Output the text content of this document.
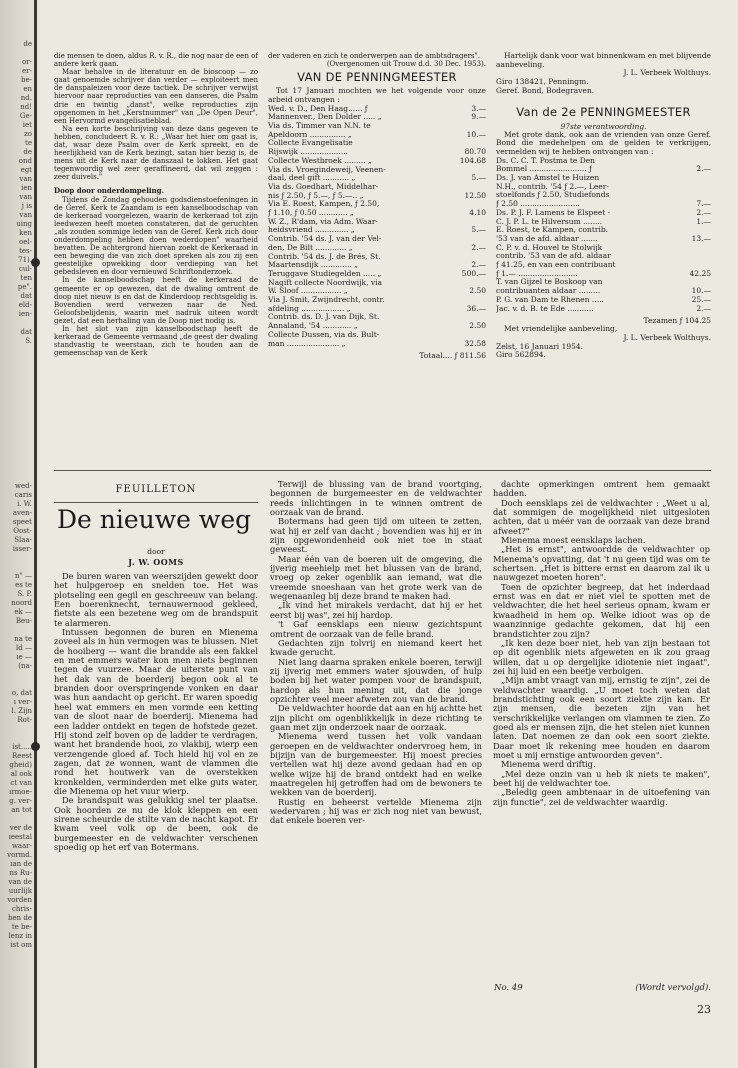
de

or-
er-
be-
en
nd.
nd!
Ge-
iet
zo
te
de
ond
egt
van
ien
van
j is
van
uing
ken
oel-
tes-
71).
cul-
ten
pe".
dat
eld-
ien-

dat
S.
wed-
caris
i. W.
aven-
speet
Oost-
Slaa-
isser-

n" —
es te
S. P.
noord
ek —
Beu-

na te
ld —
ıe —
(na-

o, dat
ı ver-
l. Zijn
Rot-

ist.....
Reest
gheid)
al ook
ct van
ırmoe-
g. ver-
an tot

ver de
ıeestal
waar-
vormd.
ıan de
ns Ru-
van de
uurlijk
vorden
chris-
ben de
te be-
lenz in
ist om

die mensen te doen, aldus R. v. R., die nog naar de een of andere kerk gaan.

Maar behalve in de literatuur en de bioscoop — zo gaat genoemde schrijver dan verder — exploiteert men de danspaleizen voor deze tactiek. De schrijver verwijst hiervoor naar reproducties van een danseres, die Psalm drie en twintig „danst", welke reproducties zijn opgenomen in het „Kerstnummer" van „De Open Deur", een Hervormd evangelisatieblad.

Na een korte beschrijving van deze dans gegeven te hebben, concludeert R. v. R.: „Waar het hier om gaat is, dat, waar deze Psalm over de Kerk spreekt, en de heerlijkheid van de Kerk bezingt, satan hier bezig is, de mens uit de Kerk naar de danszaal te lokken. Het gaat tegenwoordig wel zeer geraffineerd, dat wil zeggen : zeer duivels."

Doop door onderdompeling.

Tijdens de Zondag gehouden godsdienstoefeningen in de Geref. Kerk te Zaandam is een kanselboodschap van de kerkeraad voorgelezen, waarin de kerkeraad tot zijn leedwezen heeft moeten constateren, dat de geruchten „als zouden sommige leden van de Geref. Kerk zich door onderdompeling hebben doen wederdopen" waarheid bevatten. De achtergrond hiervan zoekt de Kerkeraad in een beweging die van zich doet spreken als zou zij een geestelijke opwekking door verdieping van het gebedsleven en door vernieuwd Schriftonderzoek.

In de kanselboodschap heeft de kerkeraad de gemeente er op gewezen, dat de dwaling omtrent de doop niet nieuw is en dat de Kinderdoop rechtsgeldig is. Bovendien werd verwezen naar de Ned. Geloofsbelijdenis, waarin met nadruk uiteen wordt gezet, dat een herhaling van de Doop niet nodig is.

In het slot van zijn kanselboodschap heeft de kerkeraad de Gemeente vermaand „de geest der dwaling standvastig te weerstaan, zich te houden aan de gemeenschap van de Kerk

der vaderen en zich te onderwerpen aan de ambtsdragers".

(Overgenomen uit Trouw d.d. 30 Dec. 1953).

VAN DE PENNINGMEESTER

Tot 17 Januari mochten we het volgende voor onze arbeid ontvangen :

Wed. v. D., Den Haag...... ƒ	3.—
Mannenver., Den Dolder ..... „	9.—
Via ds. Timmer van N.N. te
Apeldoorn ............... „	10.—
Collecte Evangelisatie
Rijswijk ....................	80.70
Collecte Westbroek ......... „	104.68
Via ds. Vroegindeweij, Veenen-
daal, deel gift ........... „	5.—
Via ds. Goedhart, Middelhar-
nis ƒ 2.50, ƒ 5.—, ƒ 5.—.. „	12.50
Via E. Roest, Kampen, ƒ 2.50,
ƒ 1.10, ƒ 0.50 ............ „	4.10
W. Z., R'dam, via Adm. Waar-
heidsvriend .............. „	5.—
Contrib. '54 ds. J. van der Vel-
den, De Bilt ............. „	2.—
Contrib. '54 ds. J. de Brés, St.
Maartensdijk ............. „	2.—
Teruggave Studiegelden ..... „	500.—
Nagift collecte Noordwijk, via
W. Sloof ................. „	2.50
Via J. Smit, Zwijndrecht, contr.
afdeling .................. „	36.—
Contrib. ds. D. J. van Dijk, St.
Annaland, '54 ............ „	2.50
Collecte Dussen, via ds. Bult-
man ...................... „	32.58

Totaal.... ƒ 811.56

Hartelijk dank voor wat binnenkwam en met blijvende aanbeveling.

J. L. Verbeek Wolthuys.

Giro 138421, Penningm.

Geref. Bond, Bodegraven.

Van de 2e PENNINGMEESTER

97ste verantwoording.

Met grote dank, ook aan de vrienden van onze Geref. Bond die medehelpen om de gelden te verkrijgen, vermelden wij te hebben ontvangen van :

Ds. C. C. T. Postma te Den
Bommel ........................ ƒ	2.—
Ds. J. van Amstel te Huizen
N.H., contrib. '54 ƒ 2.—, Leer-
stoelfonds ƒ 2.50, Studiefonds
ƒ 2.50 .........................	7.—
Ds. P. J. F. Lamens te Elspeet -	2.—
C. J. P. L. te Hilversum ........	1.—
E. Roest, te Kampen, contrib.
'53 van de afd. aldaar .......	13.—
C. P. v. d. Houvel te Stolwijk
contrib. '53 van de afd. aldaar
ƒ 41.25, en van een contribuant
ƒ 1.— .........................	42.25
T. van Gijzel te Boskoop van
contribuanten aldaar .........	10.—
P. G. van Dam te Rhenen .....	25.—
Jac. v. d. B. te Ede ...........	2.—

Tezamen ƒ 104.25

Met vriendelijke aanbeveling,

J. L. Verbeek Wolthuys.

Zelst, 16 Januari 1954.

Giro 562894.

FEUILLETON
De nieuwe weg
door
J. W. OOMS

De buren waren van weerszijden gewekt door het hulpgeroep en snelden toe. Het was plotseling een gegil en geschreeuw van belang. Een boerenknecht, ternauwernood gekleed, fietste als een bezetene weg om de brandspuit te alarmeren.

Intussen begonnen de buren en Mienema zoveel als in hun vermogen was te blussen. Niet de hooiberg — want die brandde als een fakkel en met emmers water kon men niets beginnen tegen de vuurzee. Maar de uiterste punt van het dak van de boerderij begon ook al te branden door overspringende vonken en daar was hun aandacht op gericht. Er waren spoedig heel wat emmers en men vormde een ketting van de sloot naar de boerderij. Mienema had een ladder ontdekt en tegen de hofstede gezet. Hij stond zelf boven op de ladder te verdragen, want het brandende hooi, zo vlakbij, wierp een verzengende gloed af. Toch hield hij vol en ze zagen, dat ze wonnen, want de vlammen die rond het houtwerk van de overstekken kronkelden, verminderden met elke guts water, die Mienema op het vuur wierp.

De brandspuit was gelukkig snel ter plaatse. Ook hoorden ze nu de klok kleppen en een sirene scheurde de stilte van de nacht kapot. Er kwam veel volk op de been, ook de burgemeester en de veldwachter verschenen spoedig op het erf van Botermans.

Terwijl de blussing van de brand voortging, begonnen de burgemeester en de veldwachter reeds inlichtingen in te winnen omtrent de oorzaak van de brand.

Botermans had geen tijd om uiteen te zetten, wat hij er zelf van dacht ; bovendien was hij er in zijn opgewondenheid ook niet toe in staat geweest.

Maar één van de boeren uit de omgeving, die ijverig meehielp met het blussen van de brand, vroeg op zeker ogenblik aan iemand, wat die vreemde snoeshaan van het grote werk van de wegenaanleg bij deze brand te maken had.

„Ik vind het mirakels verdacht, dat hij er het eerst bij was", zei hij hardop.

't Gaf eensklaps een nieuw gezichtspunt omtrent de oorzaak van de felle brand.

Gedachten zijn tolvrij en niemand keert het kwade gerucht.

Niet lang daarna spraken enkele boeren, terwijl zij ijverig met emmers water sjouwden, of hulp boden bij het water pompen voor de brandspuit, hardop als hun mening uit, dat die jonge opzichter veel meer afweten zou van de brand.

De veldwachter hoorde dat aan en hij achtte het zijn plicht om ogenblikkelijk in deze richting te gaan met zijn onderzoek naar de oorzaak.

Mienema werd tussen het volk vandaan geroepen en de veldwachter ondervroeg hem, in bijzijn van de burgemeester. Hij moest precies vertellen wat hij deze avond gedaan had en op welke wijze hij de brand ontdekt had en welke maatregelen hij getroffen had om de bewoners te wekken van de boerderij.

Rustig en beheerst vertelde Mienema zijn wedervaren ; hij was er zich nog niet van bewust, dat enkele boeren ver-

dachte opmerkingen omtrent hem gemaakt hadden.

Doch eensklaps zei de veldwachter : „Weet u al, dat sommigen de mogelijkheid niet uitgesloten achten, dat u méér van de oorzaak van deze brand afweet?"

Mienema moest eensklaps lachen.

„Het is ernst", antwoordde de veldwachter op Mienema's opvatting, dat 't nu geen tijd was om te schertsen. „Het is bittere ernst en daarom zal ik u nauwgezet moeten horen".

Toen de opzichter begreep, dat het inderdaad ernst was en dat er niet viel te spotten met de veldwachter, die het heel serieus opnam, kwam er kwaadheid in hem op. Welke idioot was op de waanzinnige gedachte gekomen, dat hij een brandstichter zou zijn?

„Ik ken deze boer niet, heb van zijn bestaan tot op dit ogenblik niets afgeweten en ik zou graag willen, dat u op dergelijke idiotenie niet ingaat", zei hij luid en een beetje verbolgen.

„Mijn ambt vraagt van mij, ernstig te zijn", zei de veldwachter waardig. „U moet toch weten dat brandstichting ook een soort ziekte zijn kan. Er zijn mensen, die bezeten zijn van het verschrikkelijke verlangen om vlammen te zien. Zo goed als er mensen zijn, die het stelen niet kunnen laten. Dat noemen ze dan ook een soort ziekte. Daar moet ik rekening mee houden en daarom moet u mij ernstige antwoorden geven".

Mienema werd driftig.

„Mel deze onzin van u heb ik niets te maken", beet hij de veldwachter toe.

„Beledig geen ambtenaar in de uitoefening van zijn functie", zei de veldwachter waardig.

No. 49	(Wordt vervolgd).
23
